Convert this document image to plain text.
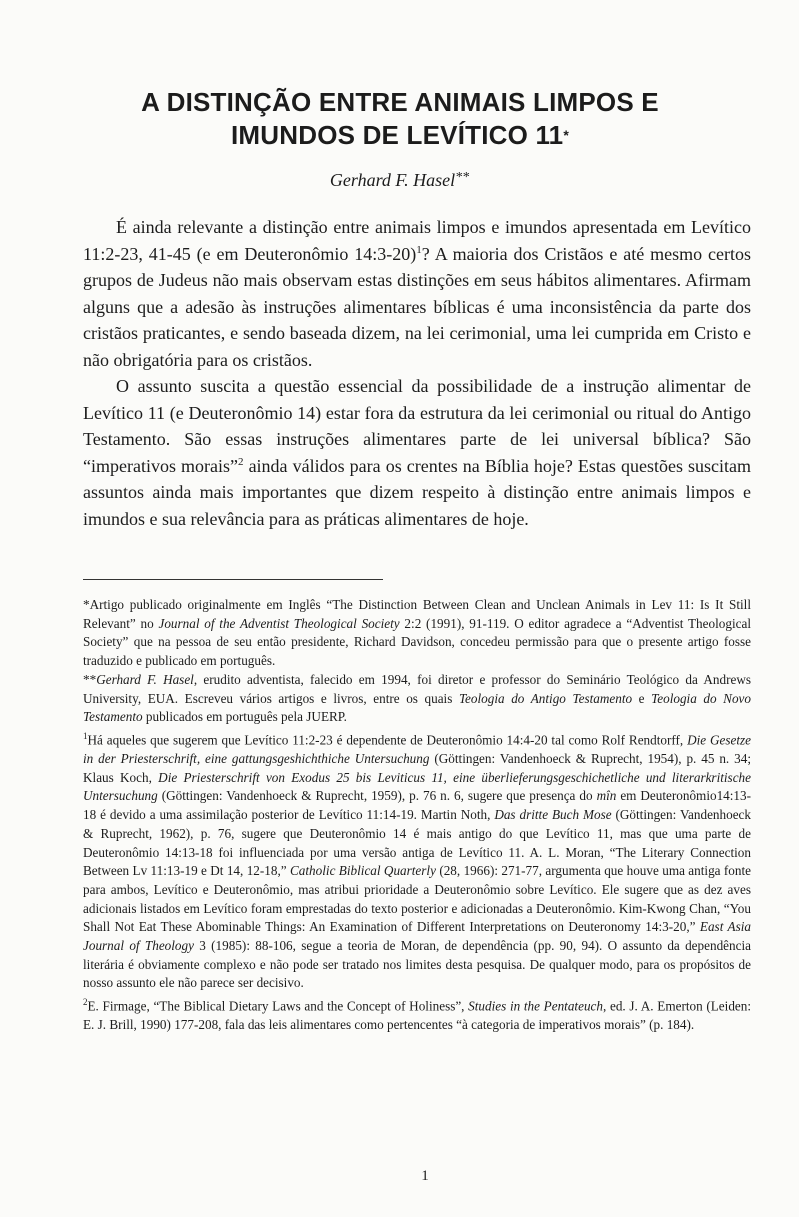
A DISTINÇÃO ENTRE ANIMAIS LIMPOS E
IMUNDOS DE LEVÍTICO 11*
Gerhard F. Hasel**

É ainda relevante a distinção entre animais limpos e imundos apresentada em Levítico 11:2-23, 41-45 (e em Deuteronômio 14:3-20)$^1$? A maioria dos Cristãos e até mesmo certos grupos de Judeus não mais observam estas distinções em seus hábitos alimentares. Afirmam alguns que a adesão às instruções alimentares bíblicas é uma inconsistência da parte dos cristãos praticantes, e sendo baseada dizem, na lei cerimonial, uma lei cumprida em Cristo e não obrigatória para os cristãos.

O assunto suscita a questão essencial da possibilidade de a instrução alimentar de Levítico 11 (e Deuteronômio 14) estar fora da estrutura da lei cerimonial ou ritual do Antigo Testamento. São essas instruções alimentares parte de lei universal bíblica? São “imperativos morais”$^2$ ainda válidos para os crentes na Bíblia hoje? Estas questões suscitam assuntos ainda mais importantes que dizem respeito à distinção entre animais limpos e imundos e sua relevância para as práticas alimentares de hoje.

*Artigo publicado originalmente em Inglês “The Distinction Between Clean and Unclean Animals in Lev 11: Is It Still Relevant” no Journal of the Adventist Theological Society 2:2 (1991), 91-119. O editor agradece a “Adventist Theological Society” que na pessoa de seu então presidente, Richard Davidson, concedeu permissão para que o presente artigo fosse traduzido e publicado em português.

**Gerhard F. Hasel, erudito adventista, falecido em 1994, foi diretor e professor do Seminário Teológico da Andrews University, EUA. Escreveu vários artigos e livros, entre os quais Teologia do Antigo Testamento e Teologia do Novo Testamento publicados em português pela JUERP.

$^1$Há aqueles que sugerem que Levítico 11:2-23 é dependente de Deuteronômio 14:4-20 tal como Rolf Rendtorff, Die Gesetze in der Priesterschrift, eine gattungsgeshichthiche Untersuchung (Göttingen: Vandenhoeck & Ruprecht, 1954), p. 45 n. 34; Klaus Koch, Die Priesterschrift von Exodus 25 bis Leviticus 11, eine überlieferungsgeschichetliche und literarkritische Untersuchung (Göttingen: Vandenhoeck & Ruprecht, 1959), p. 76 n. 6, sugere que presença do mîn em Deuteronômio14:13-18 é devido a uma assimilação posterior de Levítico 11:14-19. Martin Noth, Das dritte Buch Mose (Göttingen: Vandenhoeck & Ruprecht, 1962), p. 76, sugere que Deuteronômio 14 é mais antigo do que Levítico 11, mas que uma parte de Deuteronômio 14:13-18 foi influenciada por uma versão antiga de Levítico 11. A. L. Moran, “The Literary Connection Between Lv 11:13-19 e Dt 14, 12-18,” Catholic Biblical Quarterly (28, 1966): 271-77, argumenta que houve uma antiga fonte para ambos, Levítico e Deuteronômio, mas atribui prioridade a Deuteronômio sobre Levítico. Ele sugere que as dez aves adicionais listados em Levítico foram emprestadas do texto posterior e adicionadas a Deuteronômio. Kim-Kwong Chan, “You Shall Not Eat These Abominable Things: An Examination of Different Interpretations on Deuteronomy 14:3-20,” East Asia Journal of Theology 3 (1985): 88-106, segue a teoria de Moran, de dependência (pp. 90, 94). O assunto da dependência literária é obviamente complexo e não pode ser tratado nos limites desta pesquisa. De qualquer modo, para os propósitos de nosso assunto ele não parece ser decisivo.

$^2$E. Firmage, “The Biblical Dietary Laws and the Concept of Holiness”, Studies in the Pentateuch, ed. J. A. Emerton (Leiden: E. J. Brill, 1990) 177-208, fala das leis alimentares como pertencentes “à categoria de imperativos morais” (p. 184).

1
